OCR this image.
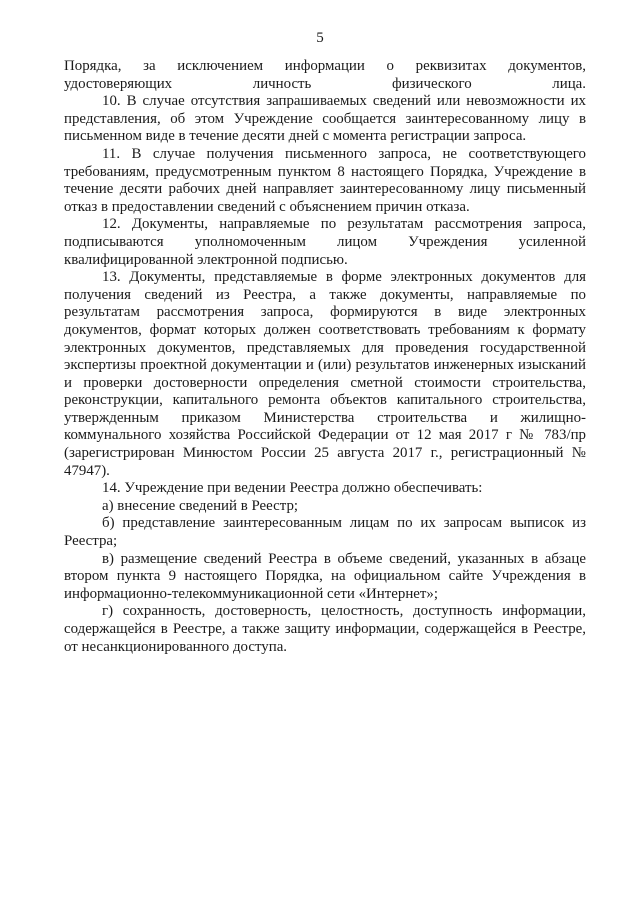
5

Порядка, за исключением информации о реквизитах документов, удостоверяющих личность физического лица.

10. В случае отсутствия запрашиваемых сведений или невозможности их представления, об этом Учреждение сообщается заинтересованному лицу в письменном виде в течение десяти дней с момента регистрации запроса.

11. В случае получения письменного запроса, не соответствующего требованиям, предусмотренным пунктом 8 настоящего Порядка, Учреждение в течение десяти рабочих дней направляет заинтересованному лицу письменный отказ в предоставлении сведений с объяснением причин отказа.

12. Документы, направляемые по результатам рассмотрения запроса, подписываются уполномоченным лицом Учреждения усиленной квалифицированной электронной подписью.

13. Документы, представляемые в форме электронных документов для получения сведений из Реестра, а также документы, направляемые по результатам рассмотрения запроса, формируются в виде электронных документов, формат которых должен соответствовать требованиям к формату электронных документов, представляемых для проведения государственной экспертизы проектной документации и (или) результатов инженерных изысканий и проверки достоверности определения сметной стоимости строительства, реконструкции, капитального ремонта объектов капитального строительства, утвержденным приказом Министерства строительства и жилищно-коммунального хозяйства Российской Федерации от 12 мая 2017 г № 783/пр (зарегистрирован Минюстом России 25 августа 2017 г., регистрационный № 47947).

14. Учреждение при ведении Реестра должно обеспечивать:

а) внесение сведений в Реестр;

б) представление заинтересованным лицам по их запросам выписок из Реестра;

в) размещение сведений Реестра в объеме сведений, указанных в абзаце втором пункта 9 настоящего Порядка, на официальном сайте Учреждения в информационно-телекоммуникационной сети «Интернет»;

г) сохранность, достоверность, целостность, доступность информации, содержащейся в Реестре, а также защиту информации, содержащейся в Реестре, от несанкционированного доступа.
